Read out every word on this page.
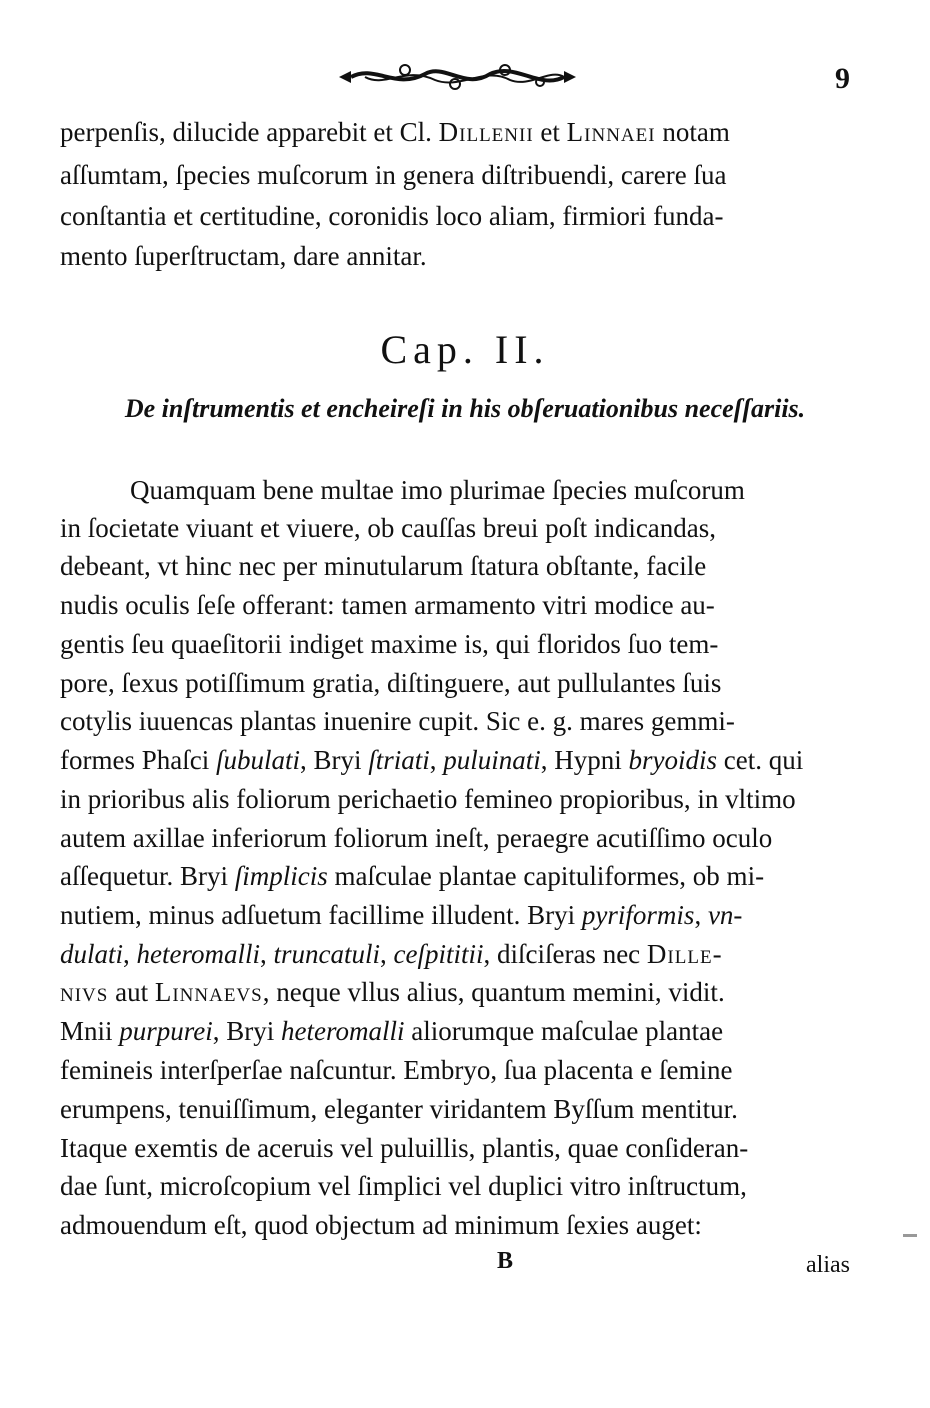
9
perpenſis, dilucide apparebit et Cl. Dillenii et Linnaei notam
aſſumtam, ſpecies muſcorum in genera diſtribuendi, carere ſua
conſtantia et certitudine, coronidis loco aliam, firmiori funda-
mento ſuperſtructam, dare annitar.
Cap. II.
De inſtrumentis et encheireſi in his obſeruationibus neceſſariis.
Quamquam bene multae imo plurimae ſpecies muſcorum
in ſocietate viuant et viuere, ob cauſſas breui poſt indicandas,
debeant, vt hinc nec per minutularum ſtatura obſtante, facile
nudis oculis ſeſe offerant: tamen armamento vitri modice au-
gentis ſeu quaeſitorii indiget maxime is, qui floridos ſuo tem-
pore, ſexus potiſſimum gratia, diſtinguere, aut pullulantes ſuis
cotylis iuuencas plantas inuenire cupit. Sic e. g. mares gemmi-
formes Phaſci ſubulati, Bryi ſtriati, puluinati, Hypni bryoidis cet. qui
in prioribus alis foliorum perichaetio femineo propioribus, in vltimo
autem axillae inferiorum foliorum ineſt, peraegre acutiſſimo oculo
aſſequetur. Bryi ſimplicis maſculae plantae capituliformes, ob mi-
nutiem, minus adſuetum facillime illudent. Bryi pyriformis, vn-
dulati, heteromalli, truncatuli, ceſpititii, diſciſeras nec Dille-
nivs aut Linnaevs, neque vllus alius, quantum memini, vidit.
Mnii purpurei, Bryi heteromalli aliorumque maſculae plantae
femineis interſperſae naſcuntur. Embryo, ſua placenta e ſemine
erumpens, tenuiſſimum, eleganter viridantem Byſſum mentitur.
Itaque exemtis de aceruis vel puluillis, plantis, quae conſideran-
dae ſunt, microſcopium vel ſimplici vel duplici vitro inſtructum,
admouendum eſt, quod objectum ad minimum ſexies auget:
B	alias
